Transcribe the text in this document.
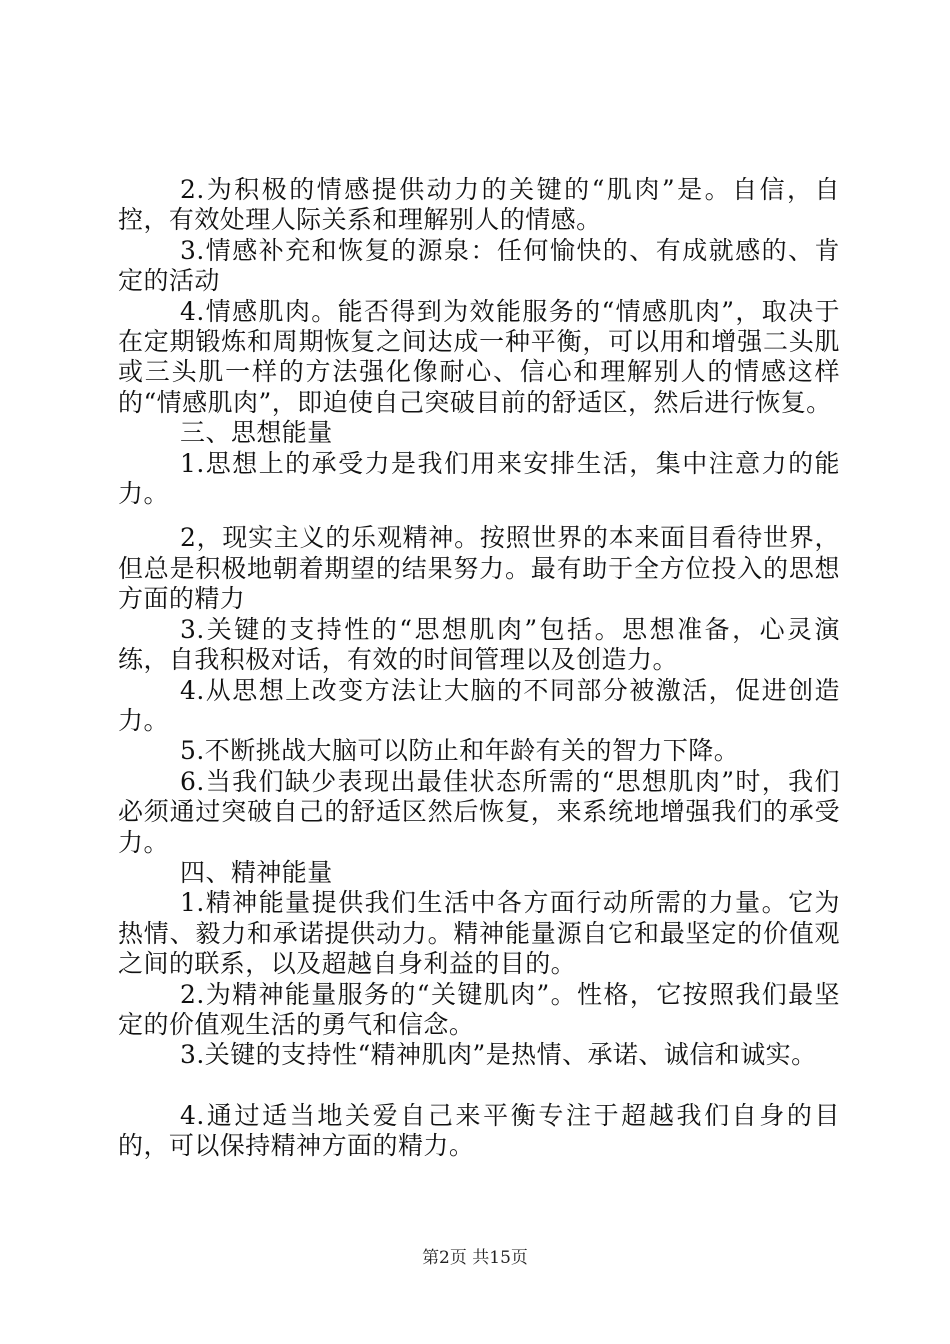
2.为积极的情感提供动力的关键的“肌肉”是。自信，自控，有效处理人际关系和理解别人的情感。

3.情感补充和恢复的源泉：任何愉快的、有成就感的、肯定的活动

4.情感肌肉。能否得到为效能服务的“情感肌肉”，取决于在定期锻炼和周期恢复之间达成一种平衡，可以用和增强二头肌或三头肌一样的方法强化像耐心、信心和理解别人的情感这样的“情感肌肉”，即迫使自己突破目前的舒适区，然后进行恢复。

三、思想能量

1.思想上的承受力是我们用来安排生活，集中注意力的能力。

2，现实主义的乐观精神。按照世界的本来面目看待世界，但总是积极地朝着期望的结果努力。最有助于全方位投入的思想方面的精力

3.关键的支持性的“思想肌肉”包括。思想准备，心灵演练，自我积极对话，有效的时间管理以及创造力。

4.从思想上改变方法让大脑的不同部分被激活，促进创造力。

5.不断挑战大脑可以防止和年龄有关的智力下降。

6.当我们缺少表现出最佳状态所需的“思想肌肉”时，我们必须通过突破自己的舒适区然后恢复，来系统地增强我们的承受力。

四、精神能量

1.精神能量提供我们生活中各方面行动所需的力量。它为热情、毅力和承诺提供动力。精神能量源自它和最坚定的价值观之间的联系，以及超越自身利益的目的。

2.为精神能量服务的“关键肌肉”。性格，它按照我们最坚定的价值观生活的勇气和信念。

3.关键的支持性“精神肌肉”是热情、承诺、诚信和诚实。

4.通过适当地关爱自己来平衡专注于超越我们自身的目的，可以保持精神方面的精力。

第2页 共15页
